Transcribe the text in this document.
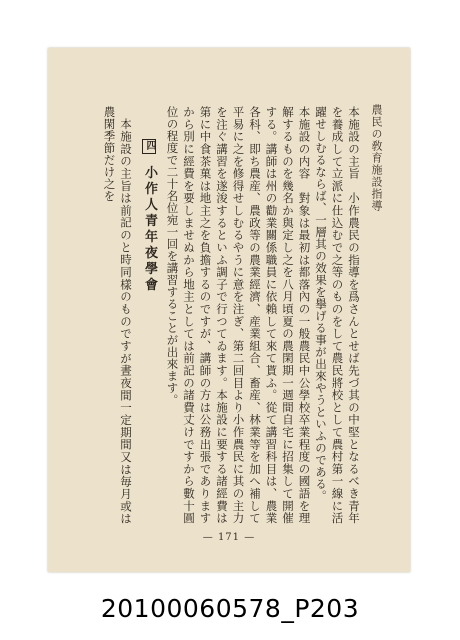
農民の敎育施設指導

本施設の主旨　小作農民の指導を爲さんとせば先づ其の中堅となるべき青年を養成して立派に仕込むで之等のものをして農民將校として農村第一線に活躍せしむるならば、一層其の效果を擧げる事が出來やうといふのである。

本施設の内容　對象は最初は都落內の一般農民中公學校卒業程度の國語を理解するものを幾名か與定し之を八月頃夏の農閑期一週間自宅に招集して開催する。講師は州の勸業關係職員に依賴して來て貰ふ。從て講習科目は、農業各科、即ち農産、農政等の農業經濟、産業組合、畜産、林業等を加へ補して平易に之を修得せしむるやうに意を注ぎ、第二回目より小作農民に其の主力を注ぐ講習を遂浚するといふ調子で行つてゐます。本施設に要する諸經費は第に中食茶菓は地主之を負擔するのですが、講師の方は公務出張でありますから別に經費を要しませぬから地主としては前記の諸費丈けですから數十圓位の程度で二十名位宛一回を講習することが出來ます。

四 小作人青年夜學會

本施設の主旨は前記のと時同樣のものですが晝夜間一定期間又は毎月或は農閑季節だけ之を

— 171 —
20100060578_P203
